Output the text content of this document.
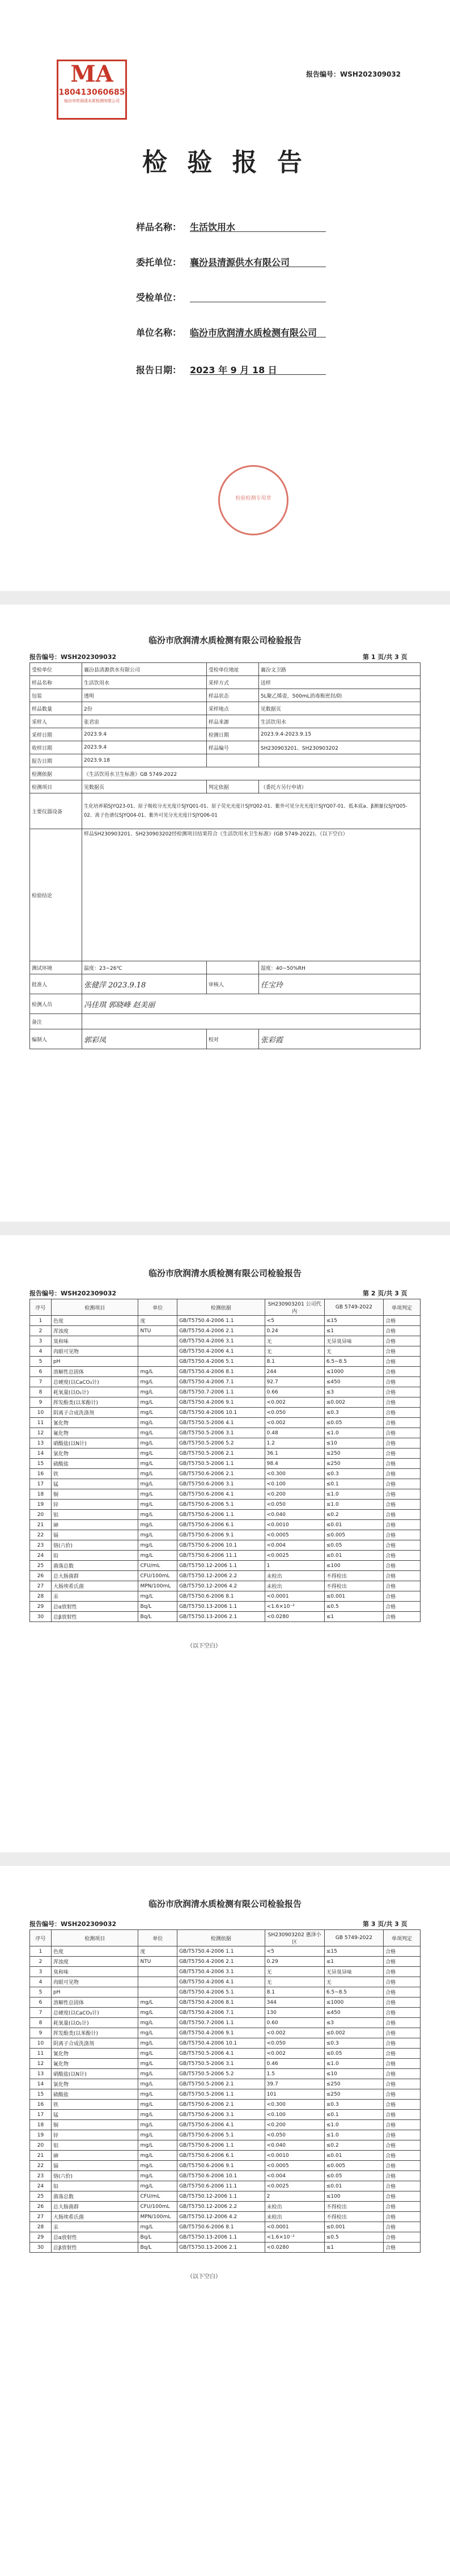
MA
180413060685
临汾市欣润清水质检测有限公司
报告编号：WSH202309032
检 验 报 告
样品名称： 生活饮用水
委托单位： 襄汾县清源供水有限公司
受检单位：
单位名称： 临汾市欣润清水质检测有限公司
报告日期： 2023 年 9 月 18 日
检验检测专用章
临汾市欣润清水质检测有限公司检验报告
报告编号：WSH202309032	第 1 页/共 3 页
受检单位	襄汾县清源供水有限公司	受检单位地址	襄汾文卫路
样品名称	生活饮用水	采样方式	送样
包装	透明	样品状态	5L聚乙烯壶，500mL消毒瓶密封/防
样品数量	2份	采样地点	见数据页
采样人	张君宙	样品来源	生活饮用水
采样日期	2023.9.4	检测日期	2023.9.4-2023.9.15
收样日期	2023.9.4	样品编号	SH230903201、SH230903202
报告日期	2023.9.18		
检测依据	《生活饮用水卫生标准》GB 5749-2022		
检测项目	见数据页	判定依据	（委托方另行申请）
主要仪器设备	生化培养箱SJYQ23-01、原子吸收分光光度计SJYQ01-01、原子荧光光度计SJYQ02-01、紫外可见分光光度计SJYQ07-01、低本底a、β测量仪SJYQ05-02、离子色谱仪SJYQ04-01、紫外可见分光光度计SJYQ06-01		
检验结论	样品SH230903201、SH230903202经检测项目结果符合《生活饮用水卫生标准》(GB 5749-2022)。（以下空白）		
测试环境	温度：23~26℃		湿度：40~50%RH
批准人	张健萍 2023.9.18	审核人	任宝玲
检测人员	冯佳琪 郭晓峰 赵美丽		
备注			
编制人	郭彩凤	校对	张彩霞
临汾市欣润清水质检测有限公司检验报告
报告编号：WSH202309032	第 2 页/共 3 页
序号	检测项目	单位	检测依据	SH230903201 公司代内	GB 5749-2022	单项判定
1	色度	度	GB/T5750.4-2006 1.1	<5	≤15	合格
2	浑浊度	NTU	GB/T5750.4-2006 2.1	0.24	≤1	合格
3	臭和味		GB/T5750.4-2006 3.1	无	无异臭异味	合格
4	肉眼可见物		GB/T5750.4-2006 4.1	无	无	合格
5	pH		GB/T5750.4-2006 5.1	8.1	6.5~8.5	合格
6	溶解性总固体	mg/L	GB/T5750.4-2006 8.1	244	≤1000	合格
7	总硬度(以CaCO₃计)	mg/L	GB/T5750.4-2006 7.1	92.7	≤450	合格
8	耗氧量(以O₂计)	mg/L	GB/T5750.7-2006 1.1	0.66	≤3	合格
9	挥发酚类(以苯酚计)	mg/L	GB/T5750.4-2006 9.1	<0.002	≤0.002	合格
10	阴离子合成洗涤剂	mg/L	GB/T5750.4-2006 10.1	<0.050	≤0.3	合格
11	氰化物	mg/L	GB/T5750.5-2006 4.1	<0.002	≤0.05	合格
12	氟化物	mg/L	GB/T5750.5-2006 3.1	0.48	≤1.0	合格
13	硝酸盐(以N计)	mg/L	GB/T5750.5-2006 5.2	1.2	≤10	合格
14	氯化物	mg/L	GB/T5750.5-2006 2.1	36.1	≤250	合格
15	硫酸盐	mg/L	GB/T5750.5-2006 1.1	98.4	≤250	合格
16	铁	mg/L	GB/T5750.6-2006 2.1	<0.300	≤0.3	合格
17	锰	mg/L	GB/T5750.6-2006 3.1	<0.100	≤0.1	合格
18	铜	mg/L	GB/T5750.6-2006 4.1	<0.200	≤1.0	合格
19	锌	mg/L	GB/T5750.6-2006 5.1	<0.050	≤1.0	合格
20	铝	mg/L	GB/T5750.6-2006 1.1	<0.040	≤0.2	合格
21	砷	mg/L	GB/T5750.6-2006 6.1	<0.0010	≤0.01	合格
22	镉	mg/L	GB/T5750.6-2006 9.1	<0.0005	≤0.005	合格
23	铬(六价)	mg/L	GB/T5750.6-2006 10.1	<0.004	≤0.05	合格
24	铅	mg/L	GB/T5750.6-2006 11.1	<0.0025	≤0.01	合格
25	菌落总数	CFU/mL	GB/T5750.12-2006 1.1	1	≤100	合格
26	总大肠菌群	CFU/100mL	GB/T5750.12-2006 2.2	未检出	不得检出	合格
27	大肠埃希氏菌	MPN/100mL	GB/T5750.12-2006 4.2	未检出	不得检出	合格
28	汞	mg/L	GB/T5750.6-2006 8.1	<0.0001	≤0.001	合格
29	总α放射性	Bq/L	GB/T5750.13-2006 1.1	<1.6×10⁻²	≤0.5	合格
30	总β放射性	Bq/L	GB/T5750.13-2006 2.1	<0.0280	≤1	合格
（以下空白）
临汾市欣润清水质检测有限公司检验报告
报告编号：WSH202309032	第 3 页/共 3 页
序号	检测项目	单位	检测依据	SH230903202 惠泽小区	GB 5749-2022	单项判定
1	色度	度	GB/T5750.4-2006 1.1	<5	≤15	合格
2	浑浊度	NTU	GB/T5750.4-2006 2.1	0.29	≤1	合格
3	臭和味		GB/T5750.4-2006 3.1	无	无异臭异味	合格
4	肉眼可见物		GB/T5750.4-2006 4.1	无	无	合格
5	pH		GB/T5750.4-2006 5.1	8.1	6.5~8.5	合格
6	溶解性总固体	mg/L	GB/T5750.4-2006 8.1	344	≤1000	合格
7	总硬度(以CaCO₃计)	mg/L	GB/T5750.4-2006 7.1	130	≤450	合格
8	耗氧量(以O₂计)	mg/L	GB/T5750.7-2006 1.1	0.60	≤3	合格
9	挥发酚类(以苯酚计)	mg/L	GB/T5750.4-2006 9.1	<0.002	≤0.002	合格
10	阴离子合成洗涤剂	mg/L	GB/T5750.4-2006 10.1	<0.050	≤0.3	合格
11	氰化物	mg/L	GB/T5750.5-2006 4.1	<0.002	≤0.05	合格
12	氟化物	mg/L	GB/T5750.5-2006 3.1	0.46	≤1.0	合格
13	硝酸盐(以N计)	mg/L	GB/T5750.5-2006 5.2	1.5	≤10	合格
14	氯化物	mg/L	GB/T5750.5-2006 2.1	39.7	≤250	合格
15	硫酸盐	mg/L	GB/T5750.5-2006 1.1	101	≤250	合格
16	铁	mg/L	GB/T5750.6-2006 2.1	<0.300	≤0.3	合格
17	锰	mg/L	GB/T5750.6-2006 3.1	<0.100	≤0.1	合格
18	铜	mg/L	GB/T5750.6-2006 4.1	<0.200	≤1.0	合格
19	锌	mg/L	GB/T5750.6-2006 5.1	<0.050	≤1.0	合格
20	铝	mg/L	GB/T5750.6-2006 1.1	<0.040	≤0.2	合格
21	砷	mg/L	GB/T5750.6-2006 6.1	<0.0010	≤0.01	合格
22	镉	mg/L	GB/T5750.6-2006 9.1	<0.0005	≤0.005	合格
23	铬(六价)	mg/L	GB/T5750.6-2006 10.1	<0.004	≤0.05	合格
24	铅	mg/L	GB/T5750.6-2006 11.1	<0.0025	≤0.01	合格
25	菌落总数	CFU/mL	GB/T5750.12-2006 1.1	2	≤100	合格
26	总大肠菌群	CFU/100mL	GB/T5750.12-2006 2.2	未检出	不得检出	合格
27	大肠埃希氏菌	MPN/100mL	GB/T5750.12-2006 4.2	未检出	不得检出	合格
28	汞	mg/L	GB/T5750.6-2006 8.1	<0.0001	≤0.001	合格
29	总α放射性	Bq/L	GB/T5750.13-2006 1.1	<1.6×10⁻²	≤0.5	合格
30	总β放射性	Bq/L	GB/T5750.13-2006 2.1	<0.0280	≤1	合格
（以下空白）
